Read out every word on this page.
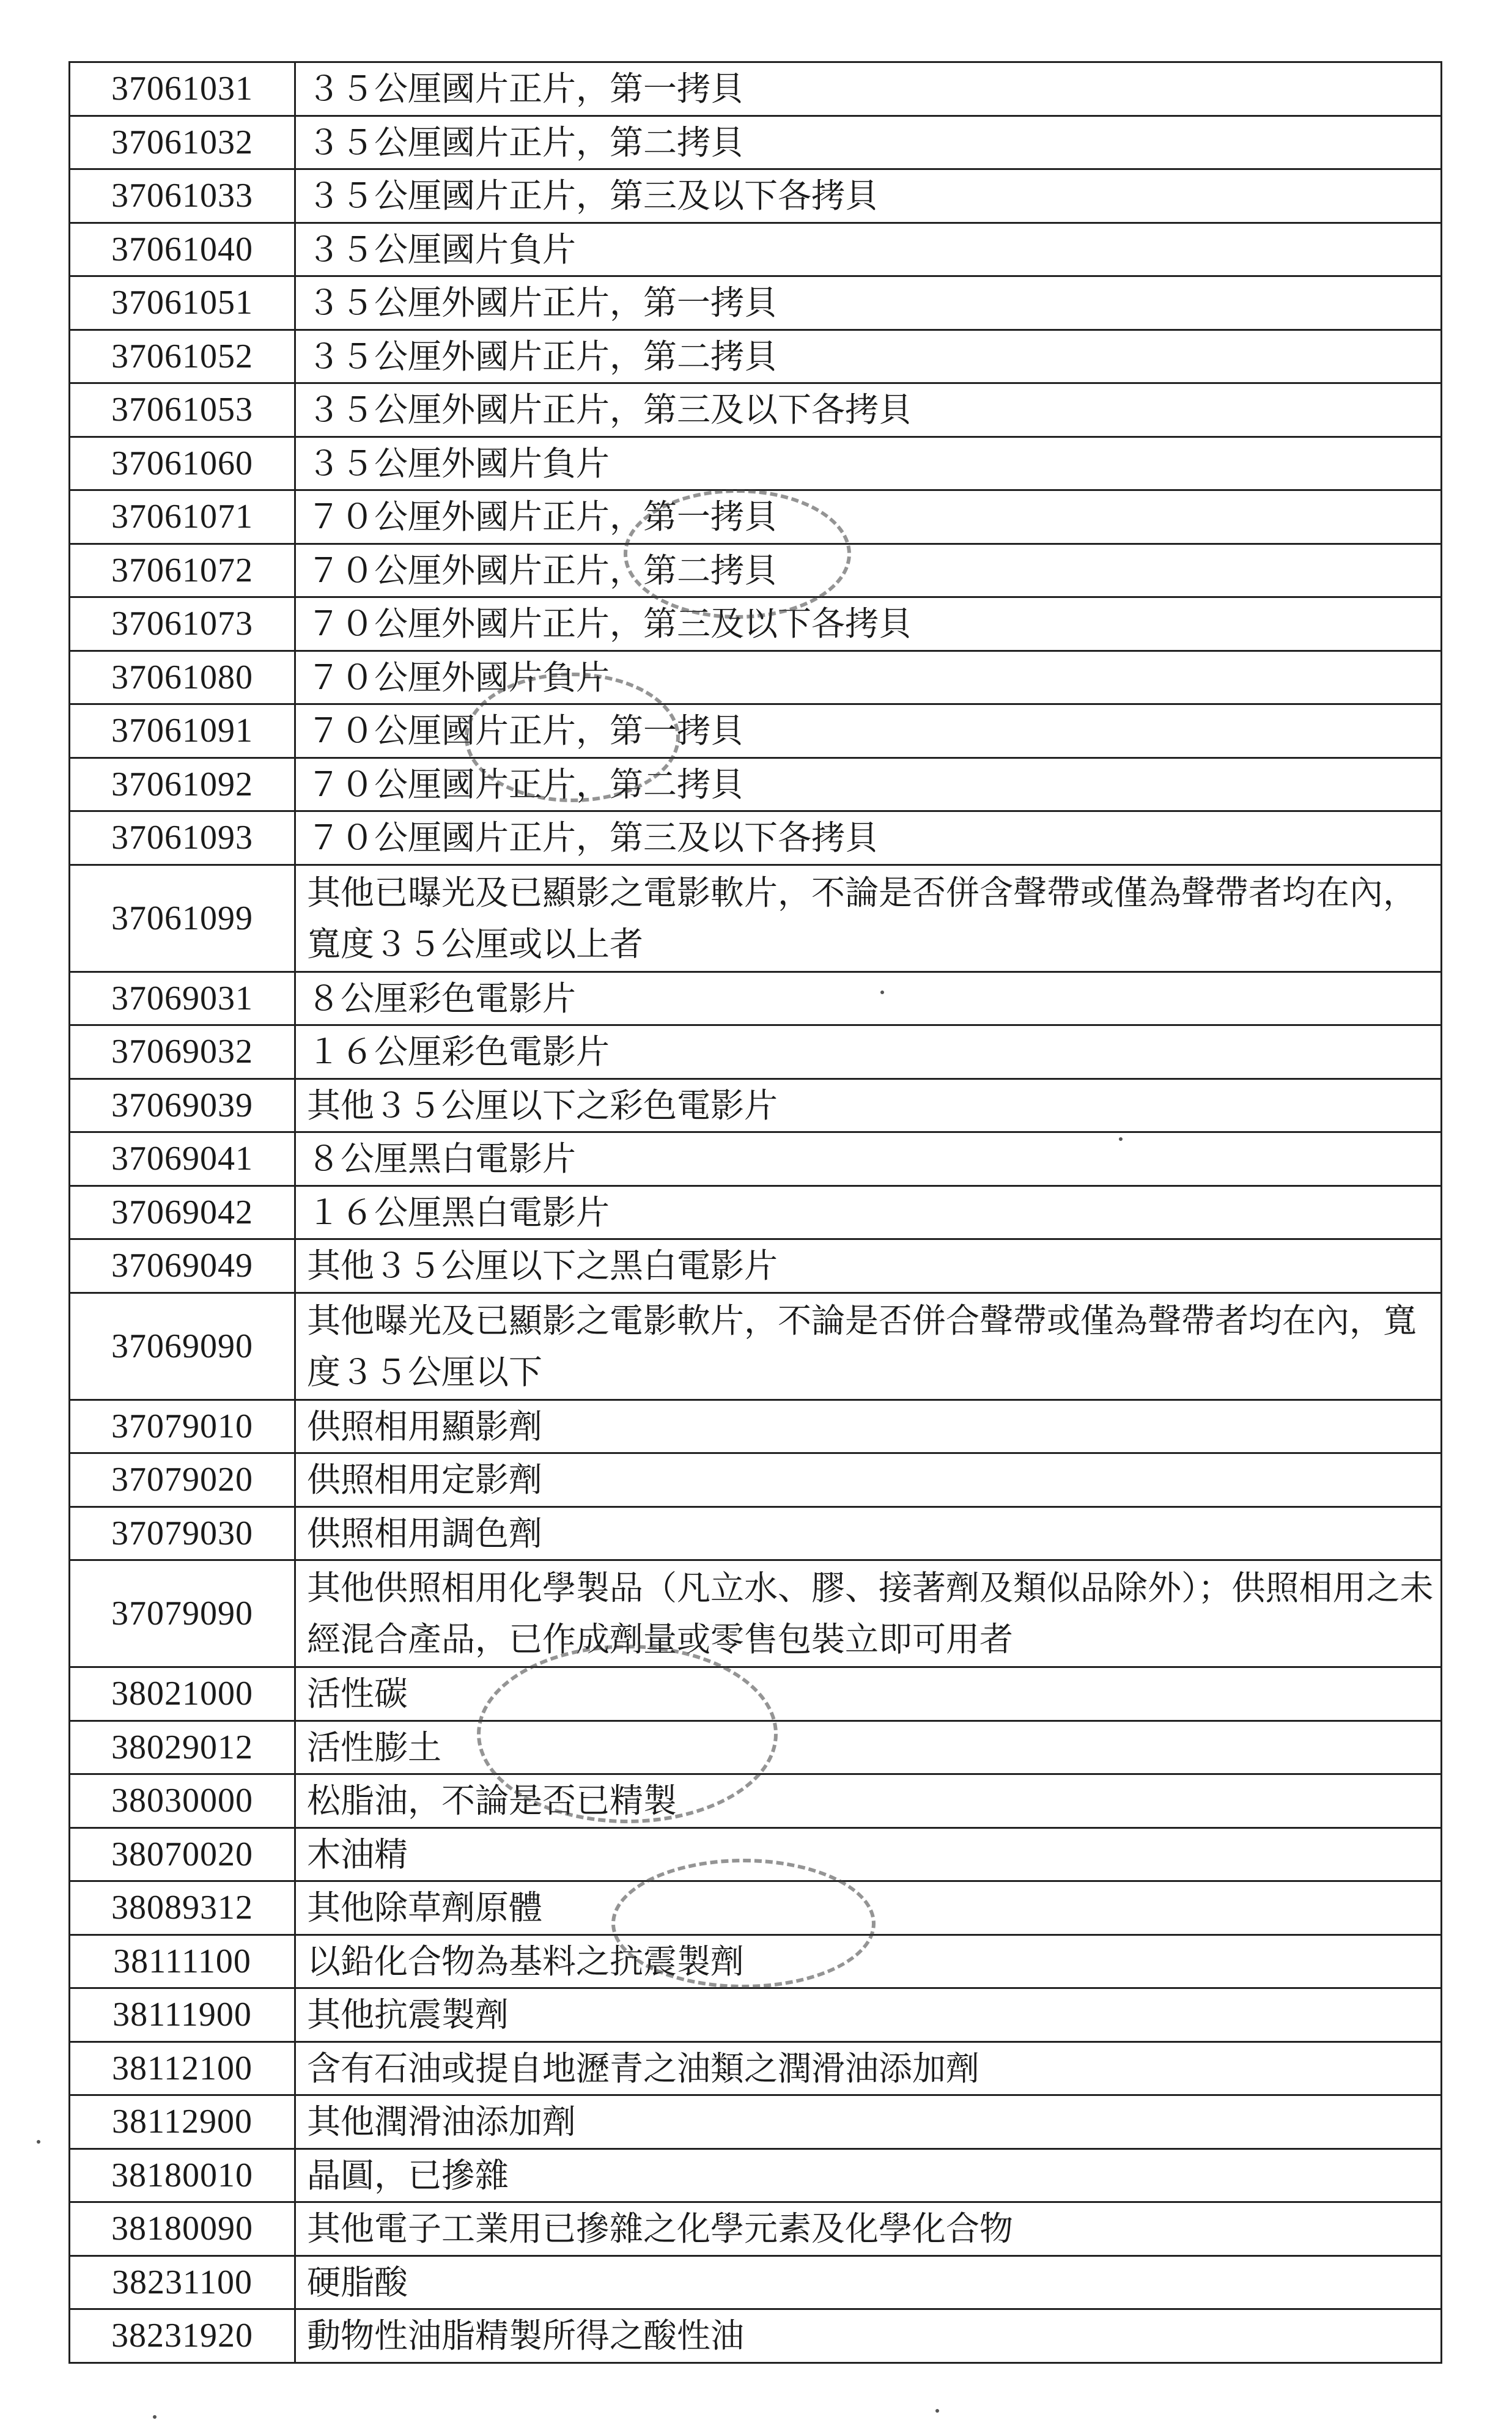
37061031	３５公厘國片正片，第一拷貝
37061032	３５公厘國片正片，第二拷貝
37061033	３５公厘國片正片，第三及以下各拷貝
37061040	３５公厘國片負片
37061051	３５公厘外國片正片，第一拷貝
37061052	３５公厘外國片正片，第二拷貝
37061053	３５公厘外國片正片，第三及以下各拷貝
37061060	３５公厘外國片負片
37061071	７０公厘外國片正片，第一拷貝
37061072	７０公厘外國片正片，第二拷貝
37061073	７０公厘外國片正片，第三及以下各拷貝
37061080	７０公厘外國片負片
37061091	７０公厘國片正片，第一拷貝
37061092	７０公厘國片正片，第二拷貝
37061093	７０公厘國片正片，第三及以下各拷貝
37061099	其他已曝光及已顯影之電影軟片，不論是否併含聲帶或僅為聲帶者均在內，寬度３５公厘或以上者
37069031	８公厘彩色電影片
37069032	１６公厘彩色電影片
37069039	其他３５公厘以下之彩色電影片
37069041	８公厘黑白電影片
37069042	１６公厘黑白電影片
37069049	其他３５公厘以下之黑白電影片
37069090	其他曝光及已顯影之電影軟片，不論是否併合聲帶或僅為聲帶者均在內，寬度３５公厘以下
37079010	供照相用顯影劑
37079020	供照相用定影劑
37079030	供照相用調色劑
37079090	其他供照相用化學製品（凡立水、膠、接著劑及類似品除外）；供照相用之未經混合產品，已作成劑量或零售包裝立即可用者
38021000	活性碳
38029012	活性膨土
38030000	松脂油，不論是否已精製
38070020	木油精
38089312	其他除草劑原體
38111100	以鉛化合物為基料之抗震製劑
38111900	其他抗震製劑
38112100	含有石油或提自地瀝青之油類之潤滑油添加劑
38112900	其他潤滑油添加劑
38180010	晶圓，已摻雜
38180090	其他電子工業用已摻雜之化學元素及化學化合物
38231100	硬脂酸
38231920	動物性油脂精製所得之酸性油
